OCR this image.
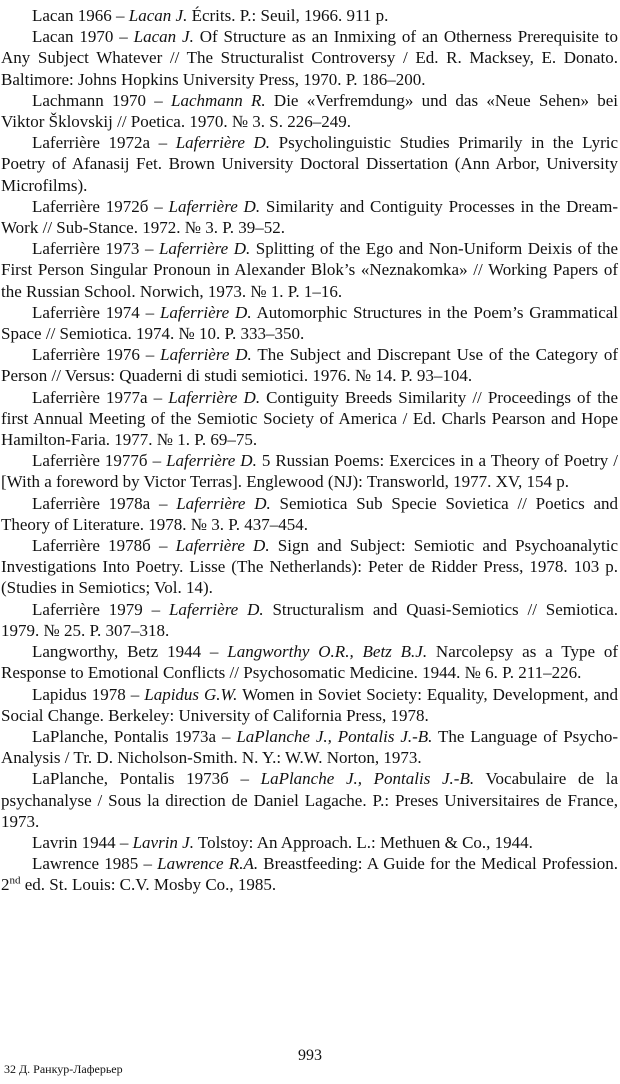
Lacan 1966 – Lacan J. Écrits. P.: Seuil, 1966. 911 p.

Lacan 1970 – Lacan J. Of Structure as an Inmixing of an Otherness Prerequisite to Any Subject Whatever // The Structuralist Controversy / Ed. R. Macksey, E. Donato. Baltimore: Johns Hopkins University Press, 1970. P. 186–200.

Lachmann 1970 – Lachmann R. Die «Verfremdung» und das «Neue Sehen» bei Viktor Šklovskij // Poetica. 1970. № 3. S. 226–249.

Laferrière 1972a – Laferrière D. Psycholinguistic Studies Primarily in the Lyric Poetry of Afanasij Fet. Brown University Doctoral Dissertation (Ann Arbor, University Microfilms).

Laferrière 1972б – Laferrière D. Similarity and Contiguity Processes in the Dream-Work // Sub-Stance. 1972. № 3. P. 39–52.

Laferrière 1973 – Laferrière D. Splitting of the Ego and Non-Uniform Deixis of the First Person Singular Pronoun in Alexander Blok’s «Neznakomka» // Working Papers of the Russian School. Norwich, 1973. № 1. P. 1–16.

Laferrière 1974 – Laferrière D. Automorphic Structures in the Poem’s Grammatical Space // Semiotica. 1974. № 10. P. 333–350.

Laferrière 1976 – Laferrière D. The Subject and Discrepant Use of the Category of Person // Versus: Quaderni di studi semiotici. 1976. № 14. P. 93–104.

Laferrière 1977a – Laferrière D. Contiguity Breeds Similarity // Proceedings of the first Annual Meeting of the Semiotic Society of America / Ed. Charls Pearson and Hope Hamilton-Faria. 1977. № 1. P. 69–75.

Laferrière 1977б – Laferrière D. 5 Russian Poems: Exercices in a Theory of Poetry / [With a foreword by Victor Terras]. Englewood (NJ): Transworld, 1977. XV, 154 p.

Laferrière 1978a – Laferrière D. Semiotica Sub Specie Sovietica // Poetics and Theory of Literature. 1978. № 3. P. 437–454.

Laferrière 1978б – Laferrière D. Sign and Subject: Semiotic and Psychoanalytic Investigations Into Poetry. Lisse (The Netherlands): Peter de Ridder Press, 1978. 103 p. (Studies in Semiotics; Vol. 14).

Laferrière 1979 – Laferrière D. Structuralism and Quasi-Semiotics // Semiotica. 1979. № 25. P. 307–318.

Langworthy, Betz 1944 – Langworthy O.R., Betz B.J. Narcolepsy as a Type of Response to Emotional Conflicts // Psychosomatic Medicine. 1944. № 6. P. 211–226.

Lapidus 1978 – Lapidus G.W. Women in Soviet Society: Equality, Development, and Social Change. Berkeley: University of California Press, 1978.

LaPlanche, Pontalis 1973a – LaPlanche J., Pontalis J.-B. The Language of Psycho-Analysis / Tr. D. Nicholson-Smith. N. Y.: W.W. Norton, 1973.

LaPlanche, Pontalis 1973б – LaPlanche J., Pontalis J.-B. Vocabulaire de la psychanalyse / Sous la direction de Daniel Lagache. P.: Preses Universitaires de France, 1973.

Lavrin 1944 – Lavrin J. Tolstoy: An Approach. L.: Methuen & Co., 1944.

Lawrence 1985 – Lawrence R.A. Breastfeeding: A Guide for the Medical Profession. 2nd ed. St. Louis: C.V. Mosby Co., 1985.

993
32 Д. Ранкур-Лаферьер
